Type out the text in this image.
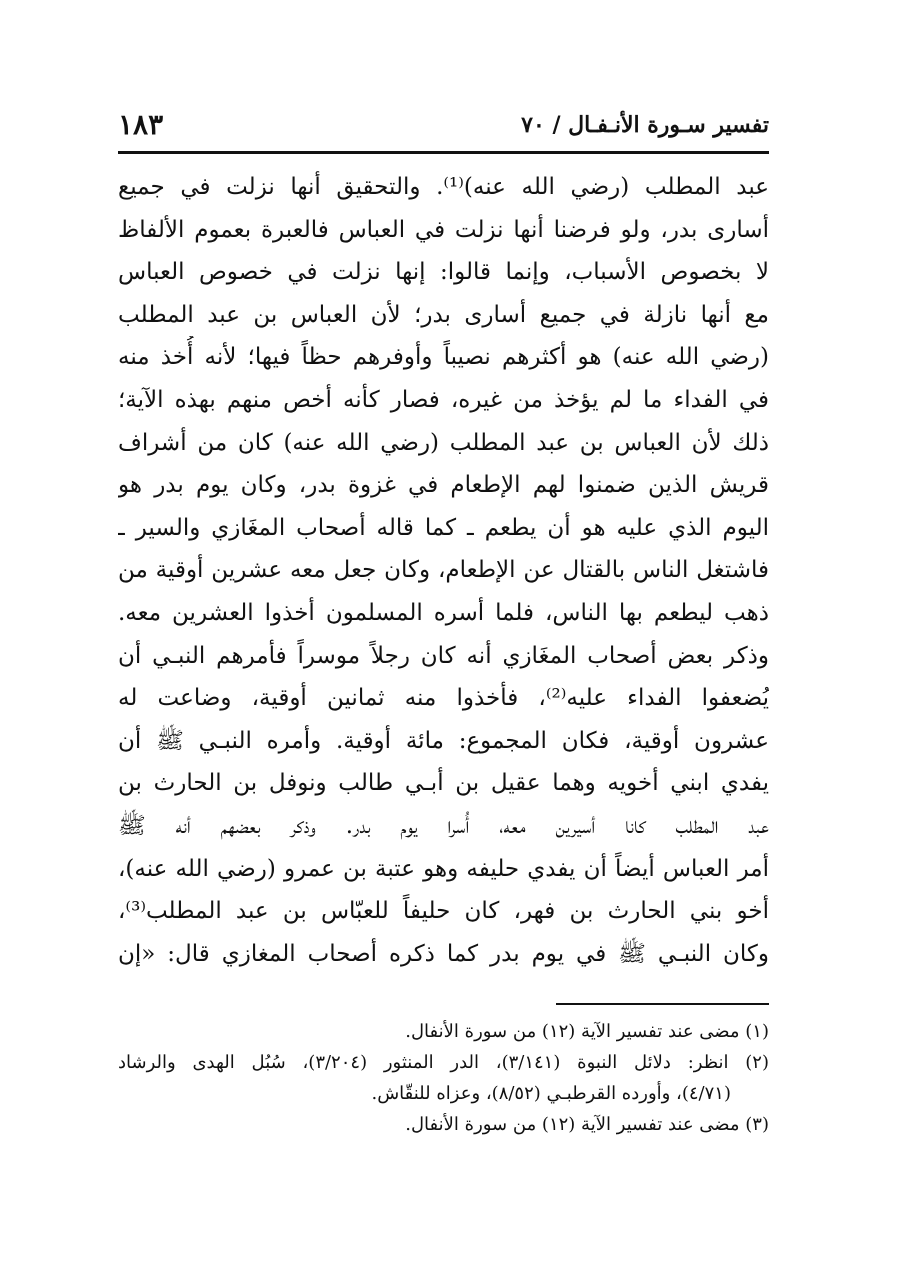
تفسير سـورة الأنـفـال / ٧٠
١٨٣
عبد المطلب (رضي الله عنه)⁽¹⁾. والتحقيق أنها نزلت في جميع
أسارى بدر، ولو فرضنا أنها نزلت في العباس فالعبرة بعموم الألفاظ
لا بخصوص الأسباب، وإنما قالوا: إنها نزلت في خصوص العباس
مع أنها نازلة في جميع أسارى بدر؛ لأن العباس بن عبد المطلب
(رضي الله عنه) هو أكثرهم نصيباً وأوفرهم حظاً فيها؛ لأنه أُخذ منه
في الفداء ما لم يؤخذ من غيره، فصار كأنه أخص منهم بهذه الآية؛
ذلك لأن العباس بن عبد المطلب (رضي الله عنه) كان من أشراف
قريش الذين ضمنوا لهم الإطعام في غزوة بدر، وكان يوم بدر هو
اليوم الذي عليه هو أن يطعم ـ كما قاله أصحاب المغَازي والسير ـ
فاشتغل الناس بالقتال عن الإطعام، وكان جعل معه عشرين أوقية من
ذهب ليطعم بها الناس، فلما أسره المسلمون أخذوا العشرين معه.
وذكر بعض أصحاب المغَازي أنه كان رجلاً موسراً فأمرهم النبـي أن
يُضعفوا الفداء عليه⁽²⁾، فأخذوا منه ثمانين أوقية، وضاعت له
عشرون أوقية، فكان المجموع: مائة أوقية. وأمره النبـي ﷺ أن
يفدي ابني أخويه وهما عقيل بن أبـي طالب ونوفل بن الحارث بن
عبد المطلب كانا أسيرين معه، أُسرا يوم بدر. وذكر بعضهم أنه ﷺ
أمر العباس أيضاً أن يفدي حليفه وهو عتبة بن عمرو (رضي الله عنه)،
أخو بني الحارث بن فهر، كان حليفاً للعبّاس بن عبد المطلب⁽³⁾،
وكان النبـي ﷺ في يوم بدر كما ذكره أصحاب المغازي قال: «إن
(١) مضى عند تفسير الآية (١٢) من سورة الأنفال.
(٢) انظر: دلائل النبوة (٣/١٤١)، الدر المنثور (٣/٢٠٤)، سُبُل الهدى والرشاد
(٤/٧١)، وأورده القرطبـي (٨/٥٢)، وعزاه للنقّاش.
(٣) مضى عند تفسير الآية (١٢) من سورة الأنفال.
